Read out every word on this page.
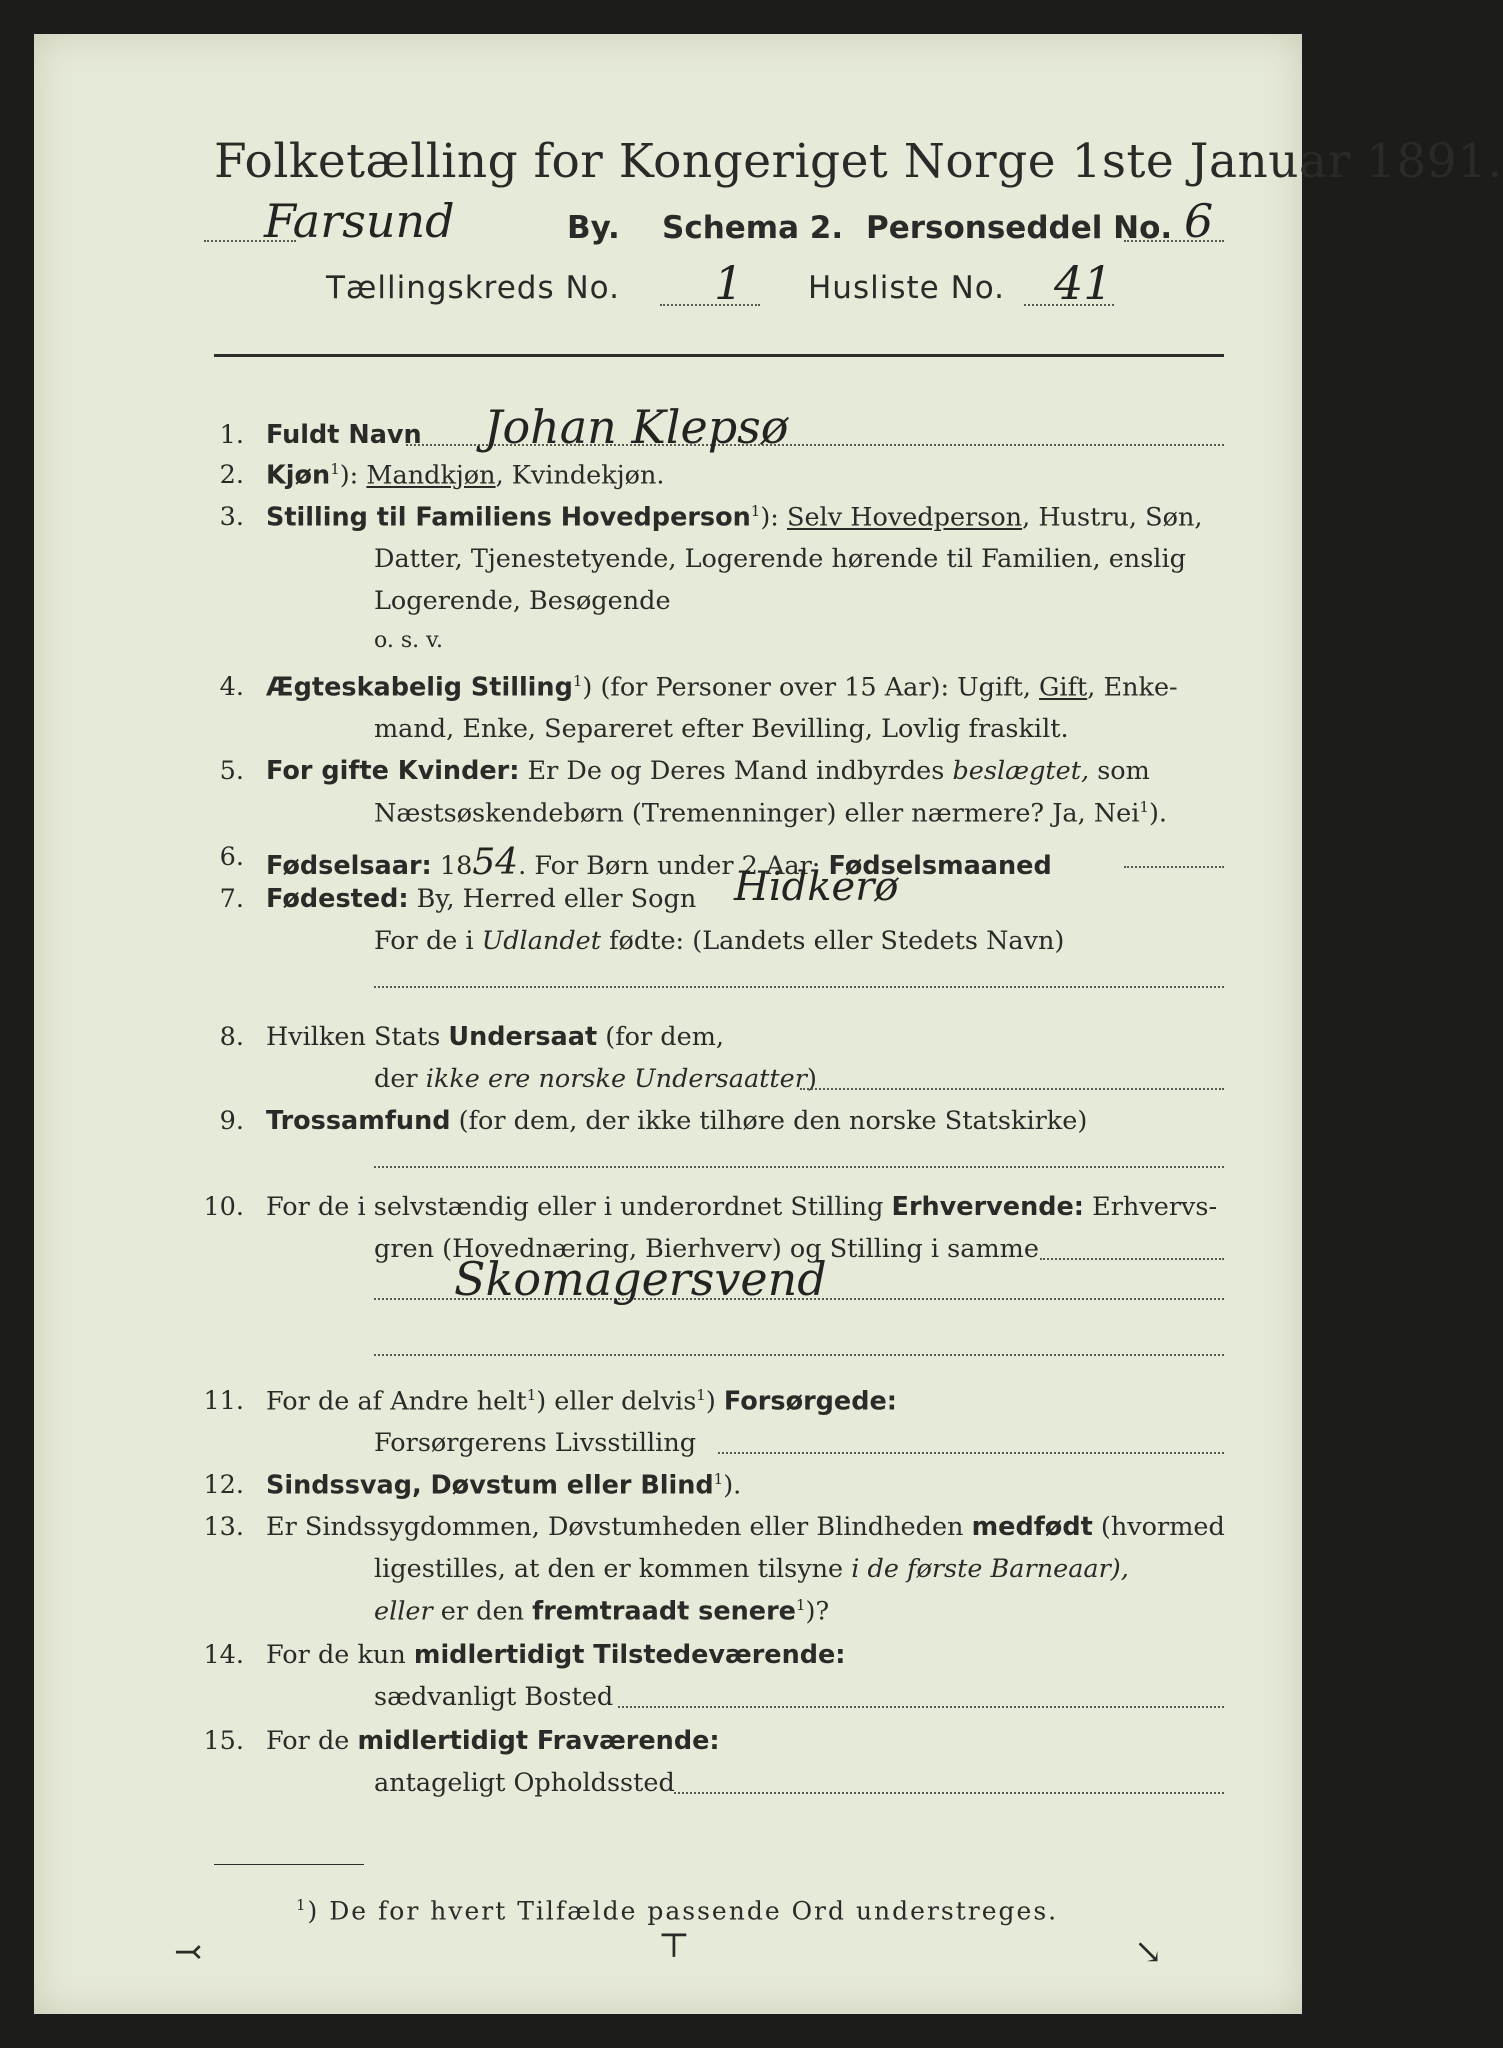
Folketælling for Kongeriget Norge 1ste Januar 1891.
Farsund	By. Schema 2. Personseddel No. 6
Tællingskreds No. 1 Husliste No. 41
1. Fuldt Navn Johan Klepsø
2. Kjøn$^1$): Mandkjøn, Kvindekjøn.
3. Stilling til Familiens Hovedperson$^1$): Selv Hovedperson, Hustru, Søn,
Datter, Tjenestetyende, Logerende hørende til Familien, enslig
Logerende, Besøgende
o. s. v.
4. Ægteskabelig Stilling$^1$) (for Personer over 15 Aar): Ugift, Gift, Enke-
mand, Enke, Separeret efter Bevilling, Lovlig fraskilt.
5. For gifte Kvinder: Er De og Deres Mand indbyrdes beslægtet, som
Næstsøskendebørn (Tremenninger) eller nærmere? Ja, Nei$^1$).
6. Fødselsaar: 1854. For Børn under 2 Aar: Fødselsmaaned
7. Fødested: By, Herred eller Sogn Hidkerø
For de i Udlandet fødte: (Landets eller Stedets Navn)
8. Hvilken Stats Undersaat (for dem,
der ikke ere norske Undersaatter)
9. Trossamfund (for dem, der ikke tilhøre den norske Statskirke)
10. For de i selvstændig eller i underordnet Stilling Erhvervende: Erhvervs-
gren (Hovednæring, Bierhverv) og Stilling i samme
Skomagersvend
11. For de af Andre helt$^1$) eller delvis$^1$) Forsørgede:
Forsørgerens Livsstilling
12. Sindssvag, Døvstum eller Blind$^1$).
13. Er Sindssygdommen, Døvstumheden eller Blindheden medfødt (hvormed
ligestilles, at den er kommen tilsyne i de første Barneaar),
eller er den fremtraadt senere$^1$)?
14. For de kun midlertidigt Tilstedeværende:
sædvanligt Bosted
15. For de midlertidigt Fraværende:
antageligt Opholdssted
$^1$) De for hvert Tilfælde passende Ord understreges.
⤙	⊤	↘
